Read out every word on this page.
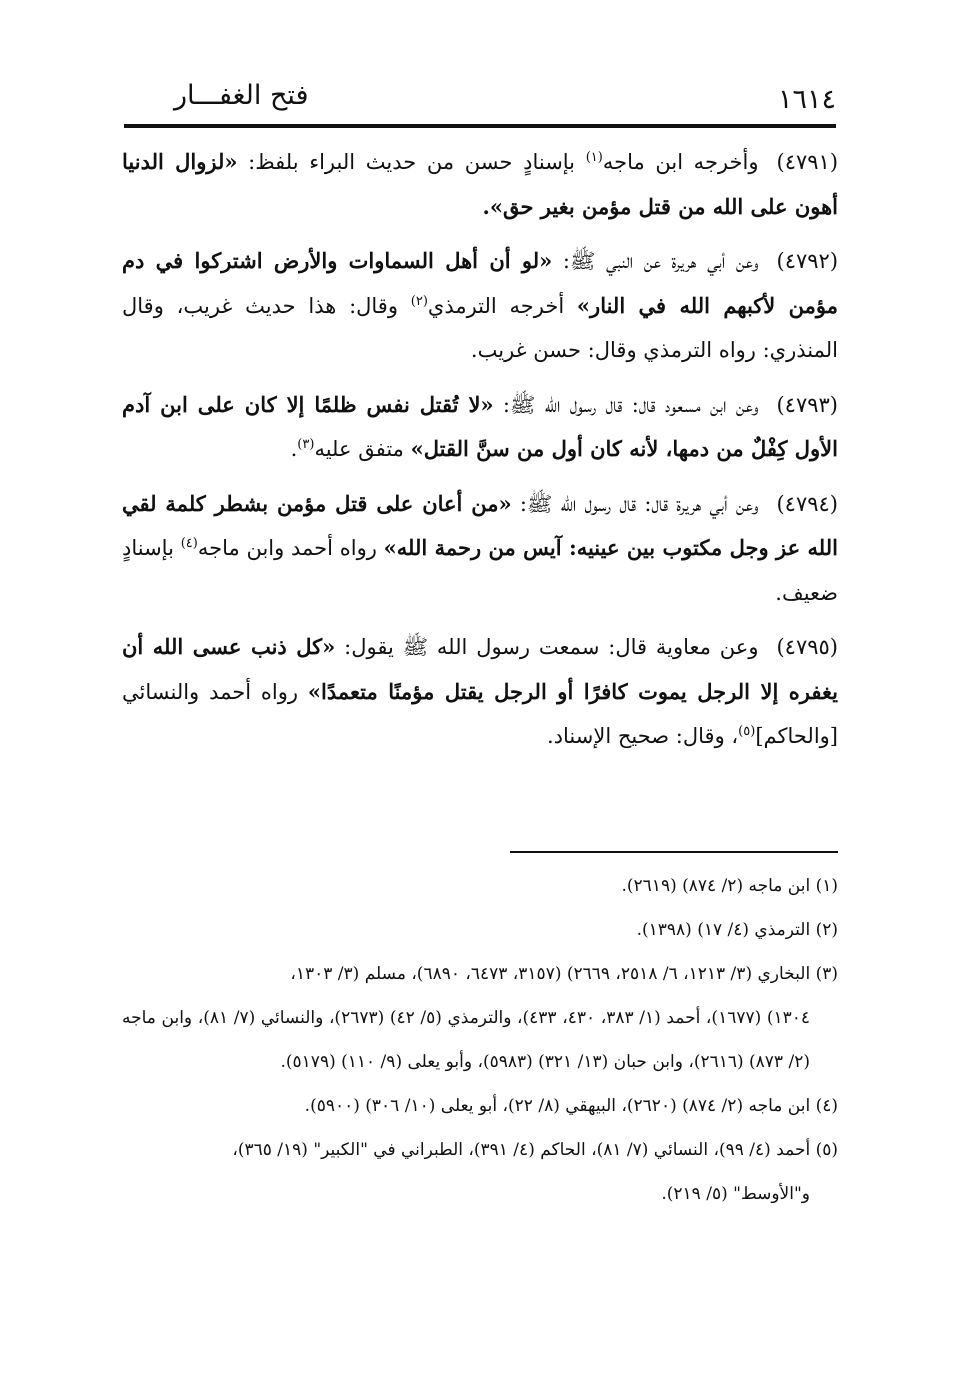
١٦١٤
فتح الغفـــار

(٤٧٩١)وأخرجه ابن ماجه$^{(١)}$ بإسنادٍ حسن من حديث البراء بلفظ: «لزوال الدنيا أهون على الله من قتل مؤمن بغير حق».

(٤٧٩٢)وعن أبي هريرة عن النبي ﷺ: «لو أن أهل السماوات والأرض اشتركوا في دم مؤمن لأكبهم الله في النار» أخرجه الترمذي$^{(٢)}$ وقال: هذا حديث غريب، وقال المنذري: رواه الترمذي وقال: حسن غريب.

(٤٧٩٣)وعن ابن مسعود قال: قال رسول الله ﷺ: «لا تُقتل نفس ظلمًا إلا كان على ابن آدم الأول كِفْلٌ من دمها، لأنه كان أول من سنَّ القتل» متفق عليه$^{(٣)}$.

(٤٧٩٤)وعن أبي هريرة قال: قال رسول الله ﷺ: «من أعان على قتل مؤمن بشطر كلمة لقي الله عز وجل مكتوب بين عينيه: آيس من رحمة الله» رواه أحمد وابن ماجه$^{(٤)}$ بإسنادٍ ضعيف.

(٤٧٩٥)وعن معاوية قال: سمعت رسول الله ﷺ يقول: «كل ذنب عسى الله أن يغفره إلا الرجل يموت كافرًا أو الرجل يقتل مؤمنًا متعمدًا» رواه أحمد والنسائي [والحاكم]$^{(٥)}$، وقال: صحيح الإسناد.

(١) ابن ماجه (٢/ ٨٧٤) (٢٦١٩).

(٢) الترمذي (٤/ ١٧) (١٣٩٨).

(٣) البخاري (٣/ ١٢١٣، ٦/ ٢٥١٨، ٢٦٦٩) (٣١٥٧، ٦٤٧٣، ٦٨٩٠)، مسلم (٣/ ١٣٠٣،
١٣٠٤) (١٦٧٧)، أحمد (١/ ٣٨٣، ٤٣٠، ٤٣٣)، والترمذي (٥/ ٤٢) (٢٦٧٣)، والنسائي (٧/ ٨١)، وابن ماجه (٢/ ٨٧٣) (٢٦١٦)، وابن حبان (١٣/ ٣٢١) (٥٩٨٣)، وأبو يعلى (٩/ ١١٠) (٥١٧٩).

(٤) ابن ماجه (٢/ ٨٧٤) (٢٦٢٠)، البيهقي (٨/ ٢٢)، أبو يعلى (١٠/ ٣٠٦) (٥٩٠٠).

(٥) أحمد (٤/ ٩٩)، النسائي (٧/ ٨١)، الحاكم (٤/ ٣٩١)، الطبراني في "الكبير" (١٩/ ٣٦٥)،
و"الأوسط" (٥/ ٢١٩).
